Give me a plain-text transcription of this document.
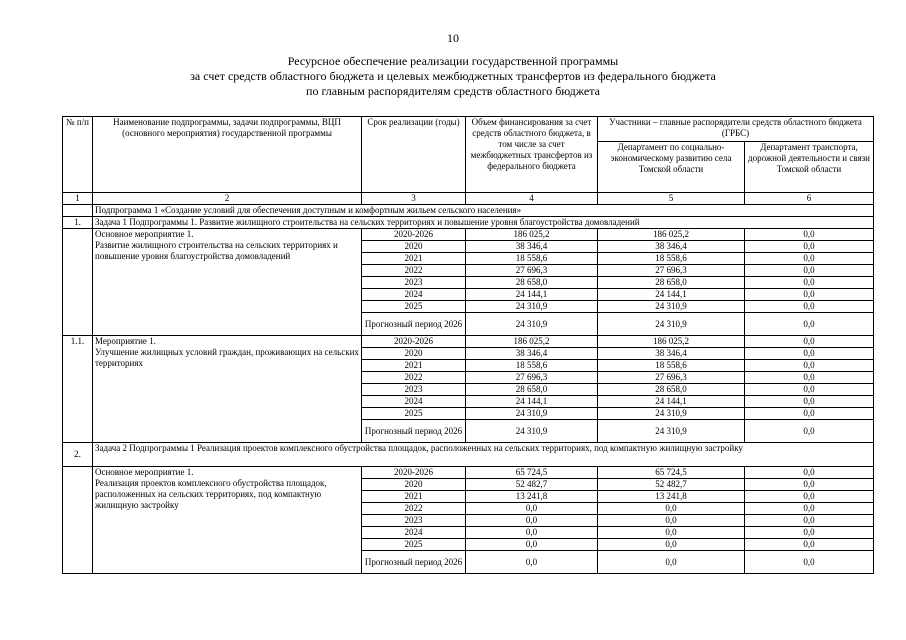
10
Ресурсное обеспечение реализации государственной программы
за счет средств областного бюджета и целевых межбюджетных трансфертов из федерального бюджета
по главным распорядителям средств областного бюджета
№ п/п	Наименование подпрограммы, задачи подпрограммы, ВЦП (основного мероприятия) государственной программы	Срок реализации (годы)	Объем финансирования за счет средств областного бюджета, в том числе за счет межбюджетных трансфертов из федерального бюджета	Участники – главные распорядители средств областного бюджета (ГРБС)	
				Департамент по социально-экономическому развитию села Томской области	Департамент транспорта, дорожной деятельности и связи Томской области
1	2	3	4	5	6
	Подпрограмма 1 «Создание условий для обеспечения доступным и комфортным жильем сельского населения»				
1.	Задача 1 Подпрограммы 1. Развитие жилищного строительства на сельских территориях и повышение уровня благоустройства домовладений				
	Основное мероприятие 1.
Развитие жилищного строительства на сельских территориях и повышение уровня благоустройства домовладений	2020-2026	186 025,2	186 025,2	0,0
		2020	38 346,4	38 346,4	0,0
		2021	18 558,6	18 558,6	0,0
		2022	27 696,3	27 696,3	0,0
		2023	28 658,0	28 658,0	0,0
		2024	24 144,1	24 144,1	0,0
		2025	24 310,9	24 310,9	0,0
		Прогнозный период 2026	24 310,9	24 310,9	0,0
1.1.	Мероприятие 1.
Улучшение жилищных условий граждан, проживающих на сельских территориях	2020-2026	186 025,2	186 025,2	0,0
		2020	38 346,4	38 346,4	0,0
		2021	18 558,6	18 558,6	0,0
		2022	27 696,3	27 696,3	0,0
		2023	28 658,0	28 658,0	0,0
		2024	24 144,1	24 144,1	0,0
		2025	24 310,9	24 310,9	0,0
		Прогнозный период 2026	24 310,9	24 310,9	0,0
2.	Задача 2 Подпрограммы 1 Реализация проектов комплексного обустройства площадок, расположенных на сельских территориях, под компактную жилищную застройку				
	Основное мероприятие 1.
Реализация проектов комплексного обустройства площадок, расположенных на сельских территориях, под компактную жилищную застройку	2020-2026	65 724,5	65 724,5	0,0
		2020	52 482,7	52 482,7	0,0
		2021	13 241,8	13 241,8	0,0
		2022	0,0	0,0	0,0
		2023	0,0	0,0	0,0
		2024	0,0	0,0	0,0
		2025	0,0	0,0	0,0
		Прогнозный период 2026	0,0	0,0	0,0
